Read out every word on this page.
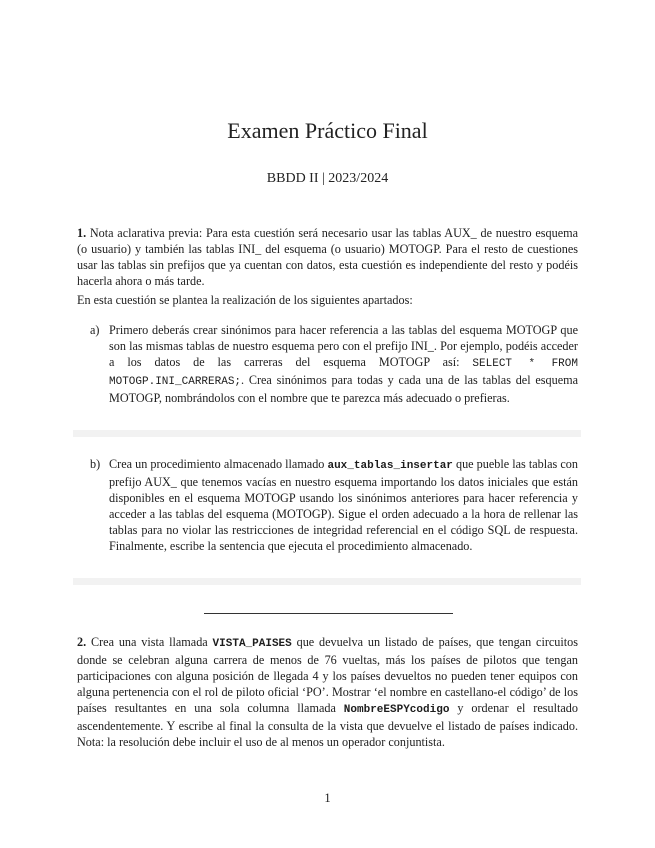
Examen Práctico Final
BBDD II | 2023/2024
1. Nota aclarativa previa: Para esta cuestión será necesario usar las tablas AUX_ de nuestro esquema (o usuario) y también las tablas INI_ del esquema (o usuario) MOTOGP. Para el resto de cuestiones usar las tablas sin prefijos que ya cuentan con datos, esta cuestión es independiente del resto y podéis hacerla ahora o más tarde.
En esta cuestión se plantea la realización de los siguientes apartados:
a) Primero deberás crear sinónimos para hacer referencia a las tablas del esquema MOTOGP que son las mismas tablas de nuestro esquema pero con el prefijo INI_. Por ejemplo, podéis acceder a los datos de las carreras del esquema MOTOGP así: SELECT * FROM MOTOGP.INI_CARRERAS;. Crea sinónimos para todas y cada una de las tablas del esquema MOTOGP, nombrándolos con el nombre que te parezca más adecuado o prefieras.
b) Crea un procedimiento almacenado llamado aux_tablas_insertar que pueble las tablas con prefijo AUX_ que tenemos vacías en nuestro esquema importando los datos iniciales que están disponibles en el esquema MOTOGP usando los sinónimos anteriores para hacer referencia y acceder a las tablas del esquema (MOTOGP). Sigue el orden adecuado a la hora de rellenar las tablas para no violar las restricciones de integridad referencial en el código SQL de respuesta. Finalmente, escribe la sentencia que ejecuta el procedimiento almacenado.
2. Crea una vista llamada VISTA_PAISES que devuelva un listado de países, que tengan circuitos donde se celebran alguna carrera de menos de 76 vueltas, más los países de pilotos que tengan participaciones con alguna posición de llegada 4 y los países devueltos no pueden tener equipos con alguna pertenencia con el rol de piloto oficial ‘PO’. Mostrar ‘el nombre en castellano-el código’ de los países resultantes en una sola columna llamada NombreESPYcodigo y ordenar el resultado ascendentemente. Y escribe al final la consulta de la vista que devuelve el listado de países indicado. Nota: la resolución debe incluir el uso de al menos un operador conjuntista.
1
